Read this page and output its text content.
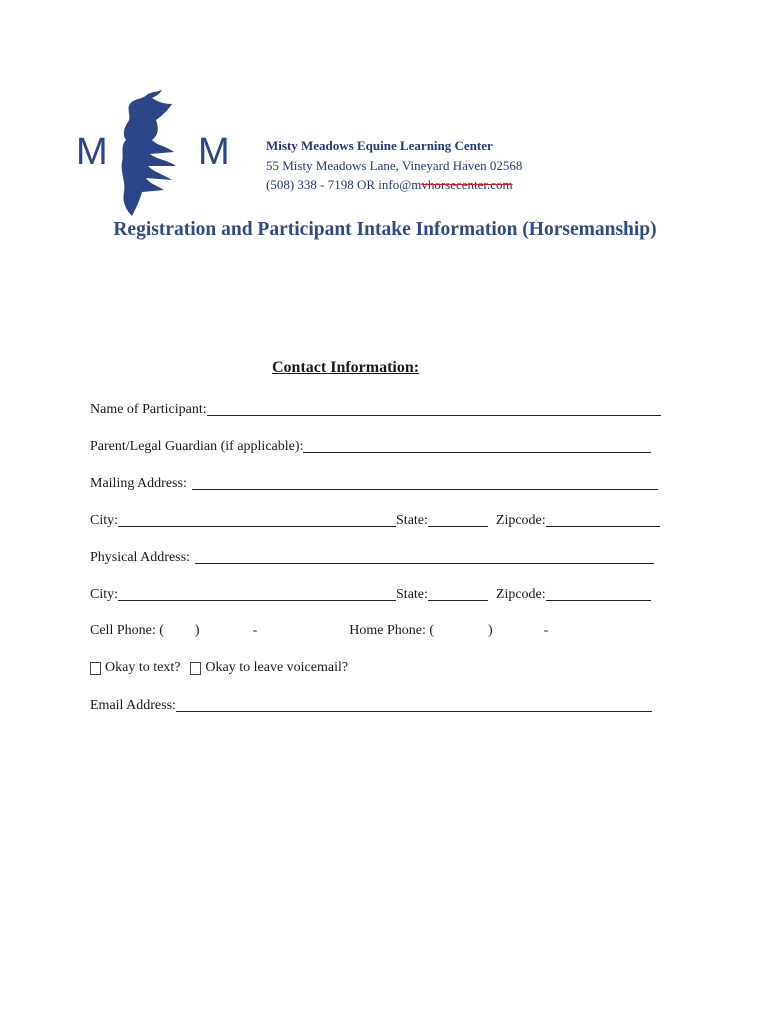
M M	Misty Meadows Equine Learning Center
55 Misty Meadows Lane, Vineyard Haven 02568
(508) 338 - 7198 OR info@mvhorsecenter.com
Registration and Participant Intake Information (Horsemanship)
Contact Information:
Name of Participant:
Parent/Legal Guardian (if applicable):
Mailing Address:
City:	State:	Zipcode:
Physical Address:
City:	State:	Zipcode:
Cell Phone: ( )	-	Home Phone: (	)	-
Okay to text? Okay to leave voicemail?
Email Address:
